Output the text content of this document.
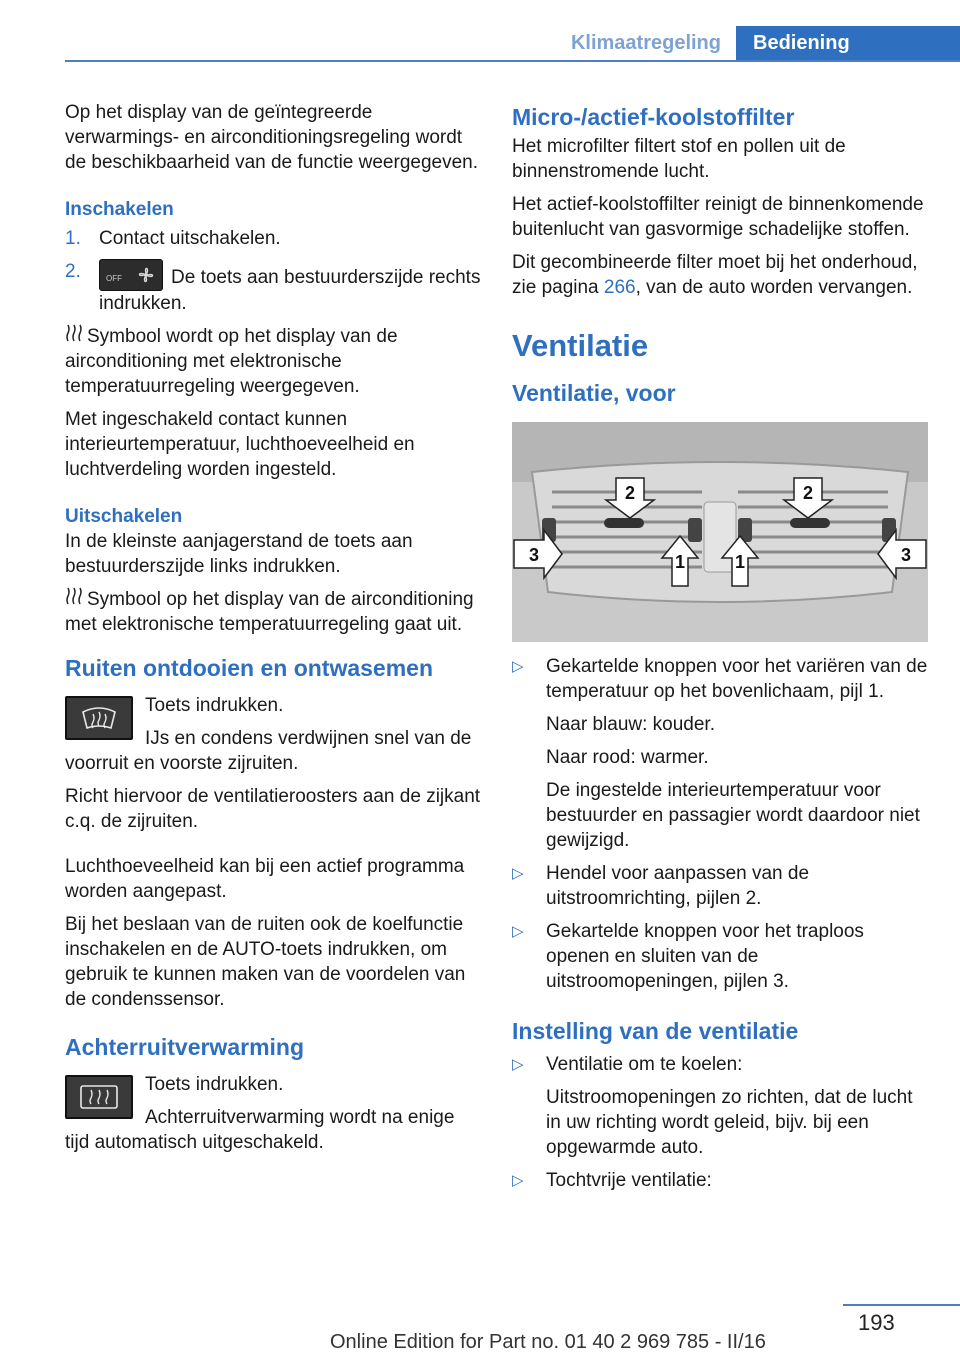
Klimaatregeling	Bediening

Op het display van de geïntegreerde verwarmings- en airconditioningsregeling wordt de beschikbaarheid van de functie weergegeven.

Inschakelen
1. Contact uitschakelen.
2.	OFF	De toets aan bestuurderszijde rechts indrukken.

Symbool wordt op het display van de airconditioning met elektronische temperatuurregeling weergegeven.

Met ingeschakeld contact kunnen interieurtemperatuur, luchthoeveelheid en luchtverdeling worden ingesteld.

Uitschakelen

In de kleinste aanjagerstand de toets aan bestuurderszijde links indrukken.

Symbool op het display van de airconditioning met elektronische temperatuurregeling gaat uit.

Ruiten ontdooien en ontwasemen
Toets indrukken.
IJs en condens verdwijnen snel van de voorruit en voorste zijruiten.

Richt hiervoor de ventilatieroosters aan de zijkant c.q. de zijruiten.

Luchthoeveelheid kan bij een actief programma worden aangepast.

Bij het beslaan van de ruiten ook de koelfunctie inschakelen en de AUTO-toets indrukken, om gebruik te kunnen maken van de voordelen van de condenssensor.

Achterruitverwarming
Toets indrukken.
Achterruitverwarming wordt na enige tijd automatisch uitgeschakeld.
Micro-/actief-koolstoffilter

Het microfilter filtert stof en pollen uit de binnenstromende lucht.

Het actief-koolstoffilter reinigt de binnenkomende buitenlucht van gasvormige schadelijke stoffen.

Dit gecombineerde filter moet bij het onderhoud, zie pagina 266, van de auto worden vervangen.

Ventilatie
Ventilatie, voor
2	2
3	1	1	3
▷	Gekartelde knoppen voor het variëren van de temperatuur op het bovenlichaam, pijl 1.
Naar blauw: kouder.
Naar rood: warmer.
De ingestelde interieurtemperatuur voor bestuurder en passagier wordt daardoor niet gewijzigd.
▷	Hendel voor aanpassen van de uitstroomrichting, pijlen 2.
▷	Gekartelde knoppen voor het traploos openen en sluiten van de uitstroomopeningen, pijlen 3.
Instelling van de ventilatie
▷	Ventilatie om te koelen:
Uitstroomopeningen zo richten, dat de lucht in uw richting wordt geleid, bijv. bij een opgewarmde auto.
▷	Tochtvrije ventilatie:
193
Online Edition for Part no. 01 40 2 969 785 - II/16
